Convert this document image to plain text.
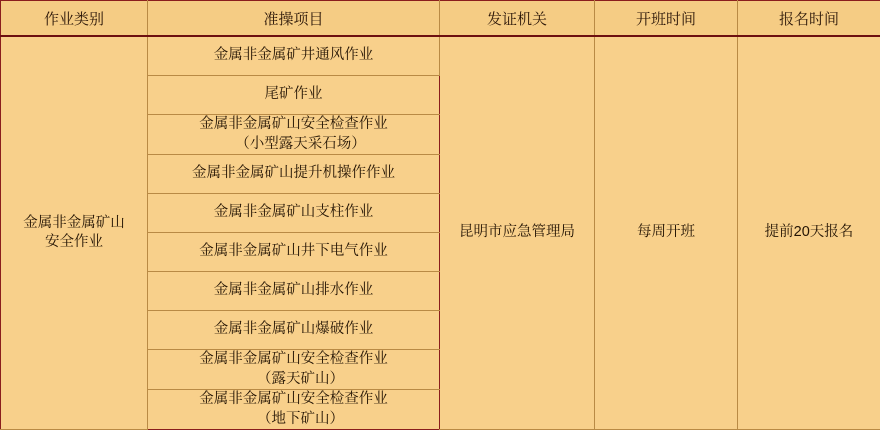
作业类别	准操项目	发证机关	开班时间	报名时间

金属非金属矿山
安全作业	金属非金属矿井通风作业	昆明市应急管理局	每周开班	提前20天报名
	尾矿作业			

	金属非金属矿山安全检查作业
（小型露天采石场）			

	金属非金属矿山提升机操作作业			
	金属非金属矿山支柱作业			
	金属非金属矿山井下电气作业			
	金属非金属矿山排水作业			
	金属非金属矿山爆破作业			

	金属非金属矿山安全检查作业
（露天矿山）			

	金属非金属矿山安全检查作业
（地下矿山）			
